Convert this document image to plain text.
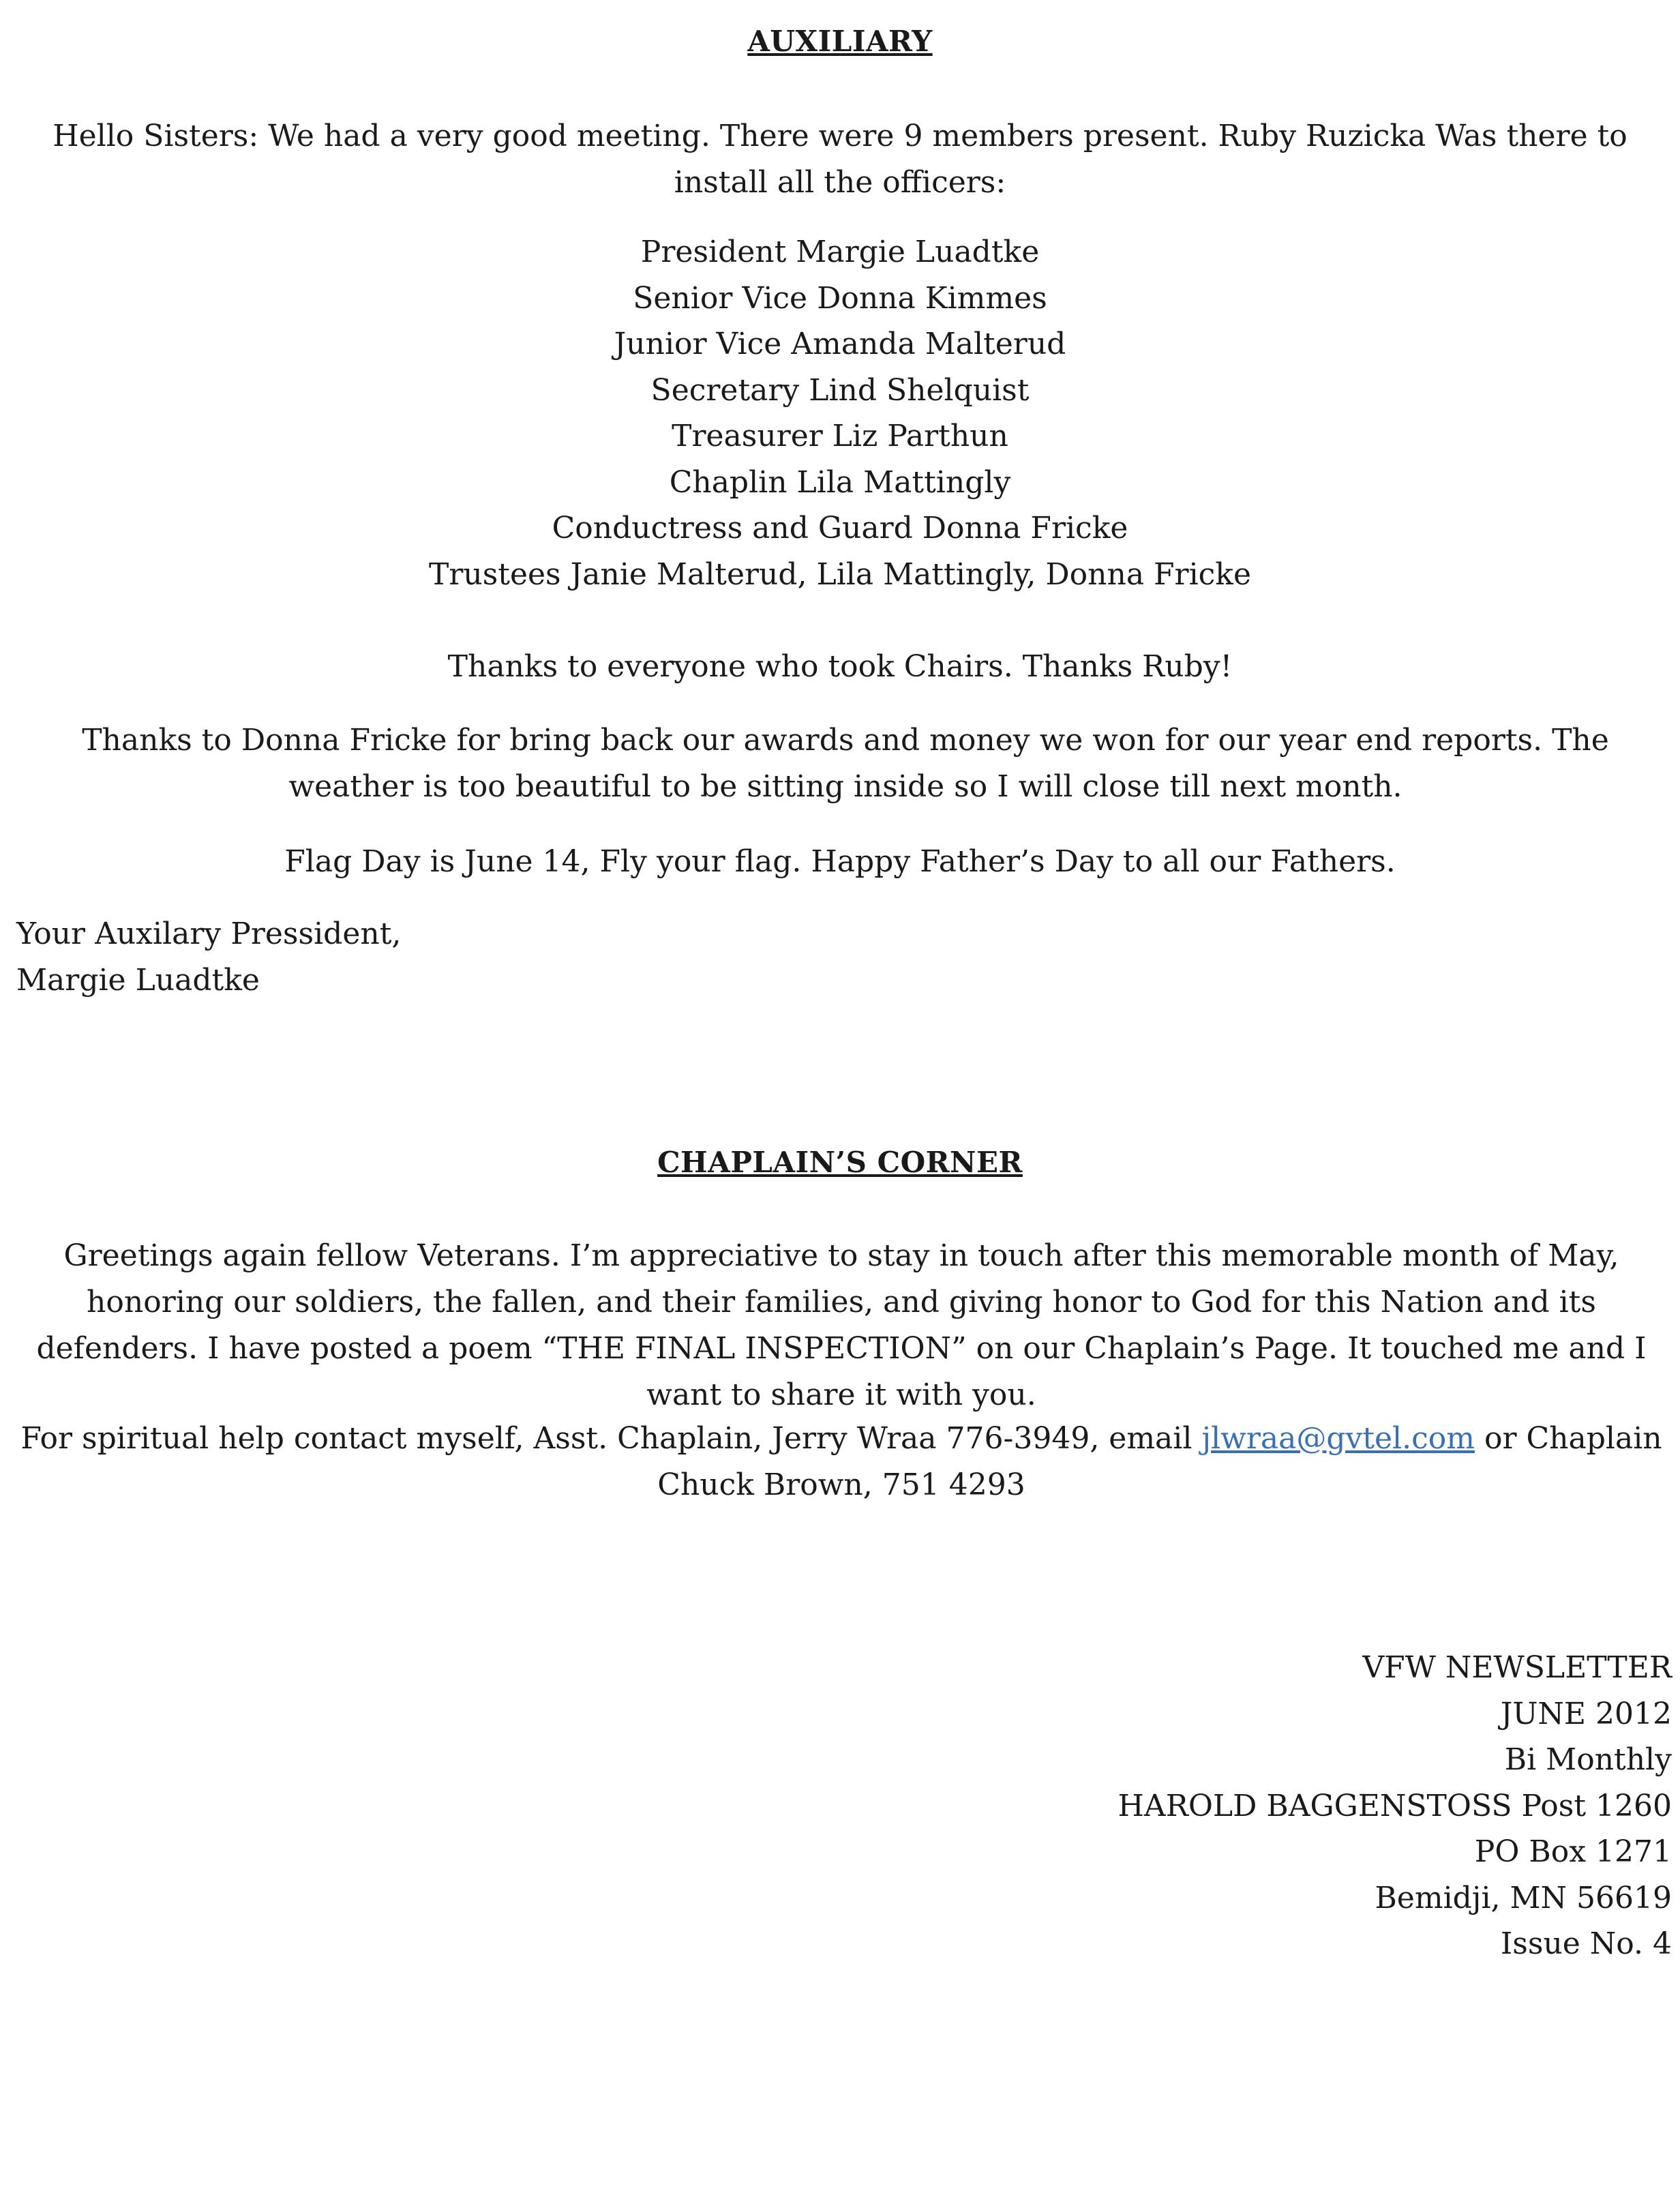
AUXILIARY
Hello Sisters: We had a very good meeting. There were 9 members present. Ruby Ruzicka Was there to install all the officers:
President Margie Luadtke
Senior Vice Donna Kimmes
Junior Vice Amanda Malterud
Secretary Lind Shelquist
Treasurer Liz Parthun
Chaplin Lila Mattingly
Conductress and Guard Donna Fricke
Trustees Janie Malterud, Lila Mattingly, Donna Fricke
Thanks to everyone who took Chairs. Thanks Ruby!
Thanks to Donna Fricke for bring back our awards and money we won for our year end reports. The weather is too beautiful to be sitting inside so I will close till next month.
Flag Day is June 14, Fly your flag. Happy Father’s Day to all our Fathers.
Your Auxilary Pressident,
Margie Luadtke
CHAPLAIN’S CORNER
Greetings again fellow Veterans. I’m appreciative to stay in touch after this memorable month of May, honoring our soldiers, the fallen, and their families, and giving honor to God for this Nation and its defenders. I have posted a poem “THE FINAL INSPECTION” on our Chaplain’s Page. It touched me and I want to share it with you.
For spiritual help contact myself, Asst. Chaplain, Jerry Wraa 776-3949, email jlwraa@gvtel.com or Chaplain Chuck Brown, 751 4293
VFW NEWSLETTER
JUNE 2012
Bi Monthly
HAROLD BAGGENSTOSS Post 1260
PO Box 1271
Bemidji, MN 56619
Issue No. 4
